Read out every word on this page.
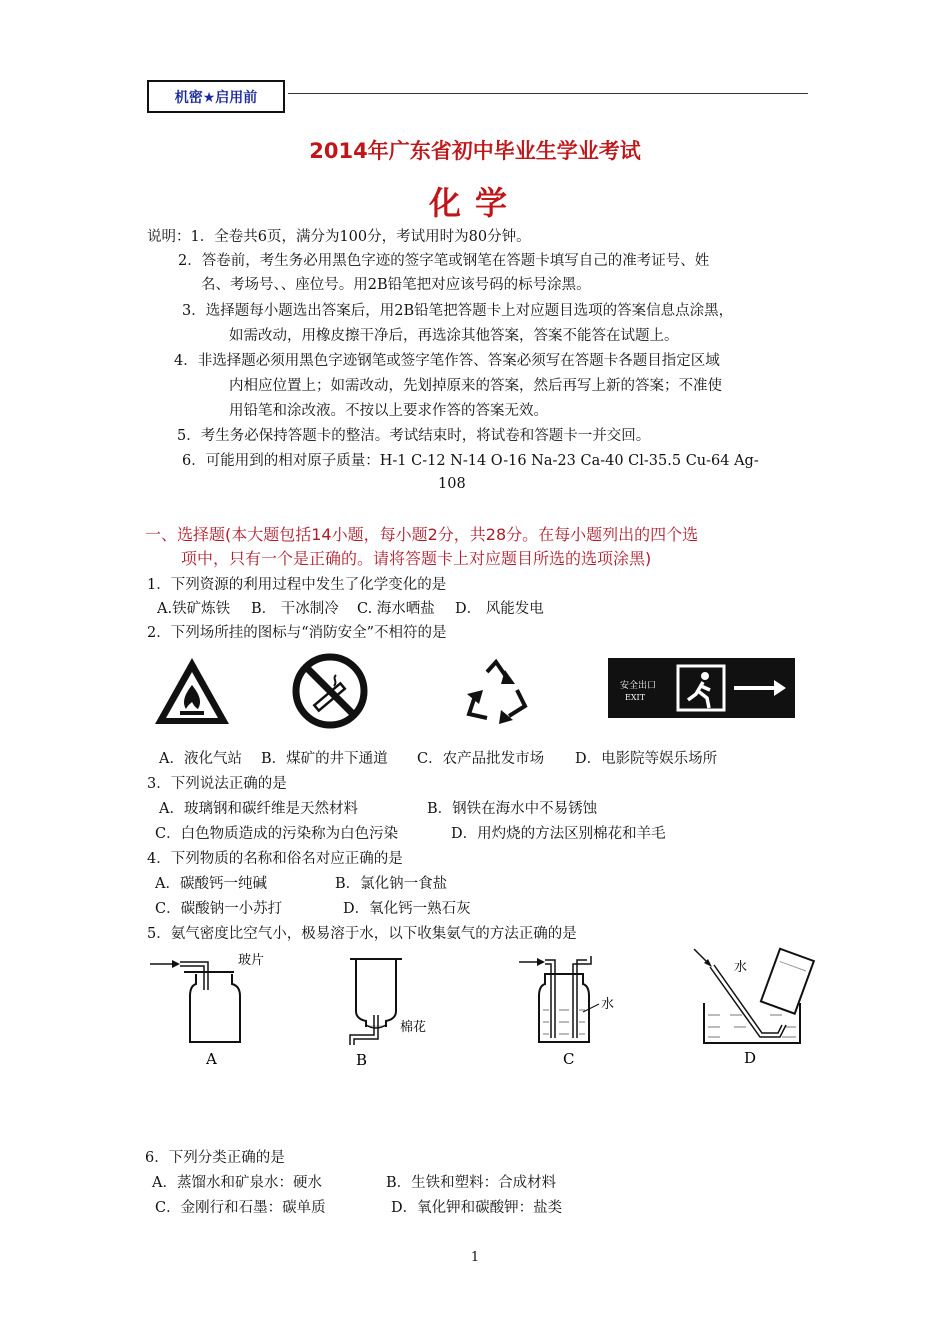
机密★启用前
2014年广东省初中毕业生学业考试
化学
说明：1．全卷共6页，满分为100分，考试用时为80分钟。
2．答卷前，考生务必用黑色字迹的签字笔或钢笔在答题卡填写自己的准考证号、姓
名、考场号、、座位号。用2B铅笔把对应该号码的标号涂黑。
3．选择题每小题选出答案后，用2B铅笔把答题卡上对应题目选项的答案信息点涂黑，
如需改动，用橡皮擦干净后，再选涂其他答案，答案不能答在试题上。
4．非选择题必须用黑色字迹钢笔或签字笔作答、答案必须写在答题卡各题目指定区域
内相应位置上；如需改动，先划掉原来的答案，然后再写上新的答案；不准使
用铅笔和涂改液。不按以上要求作答的答案无效。
5．考生务必保持答题卡的整洁。考试结束时，将试卷和答题卡一并交回。
6．可能用到的相对原子质量：H-1 C-12 N-14 O-16 Na-23 Ca-40 Cl-35.5 Cu-64 Ag-
108
一、选择题(本大题包括14小题，每小题2分，共28分。在每小题列出的四个选
项中，只有一个是正确的。请将答题卡上对应题目所选的选项涂黑)
1．下列资源的利用过程中发生了化学变化的是
A.铁矿炼铁	B． 干冰制冷	C. 海水晒盐	D． 风能发电
2．下列场所挂的图标与“消防安全”不相符的是
安全出口
EXIT
A．液化气站	B．煤矿的井下通道	C．农产品批发市场	D．电影院等娱乐场所
3．下列说法正确的是
A．玻璃钢和碳纤维是天然材料	B．钢铁在海水中不易锈蚀
C．白色物质造成的污染称为白色污染	D．用灼烧的方法区别棉花和羊毛
4．下列物质的名称和俗名对应正确的是
A．碳酸钙一纯碱	B．氯化钠一食盐
C．碳酸钠一小苏打	D．氧化钙一熟石灰
5．氨气密度比空气小，极易溶于水，以下收集氨气的方法正确的是
玻片
A
棉花
B
水
C
水
D
6．下列分类正确的是
A．蒸馏水和矿泉水：硬水	B．生铁和塑料：合成材料
C．金刚行和石墨：碳单质	D．氧化钾和碳酸钾：盐类
1
